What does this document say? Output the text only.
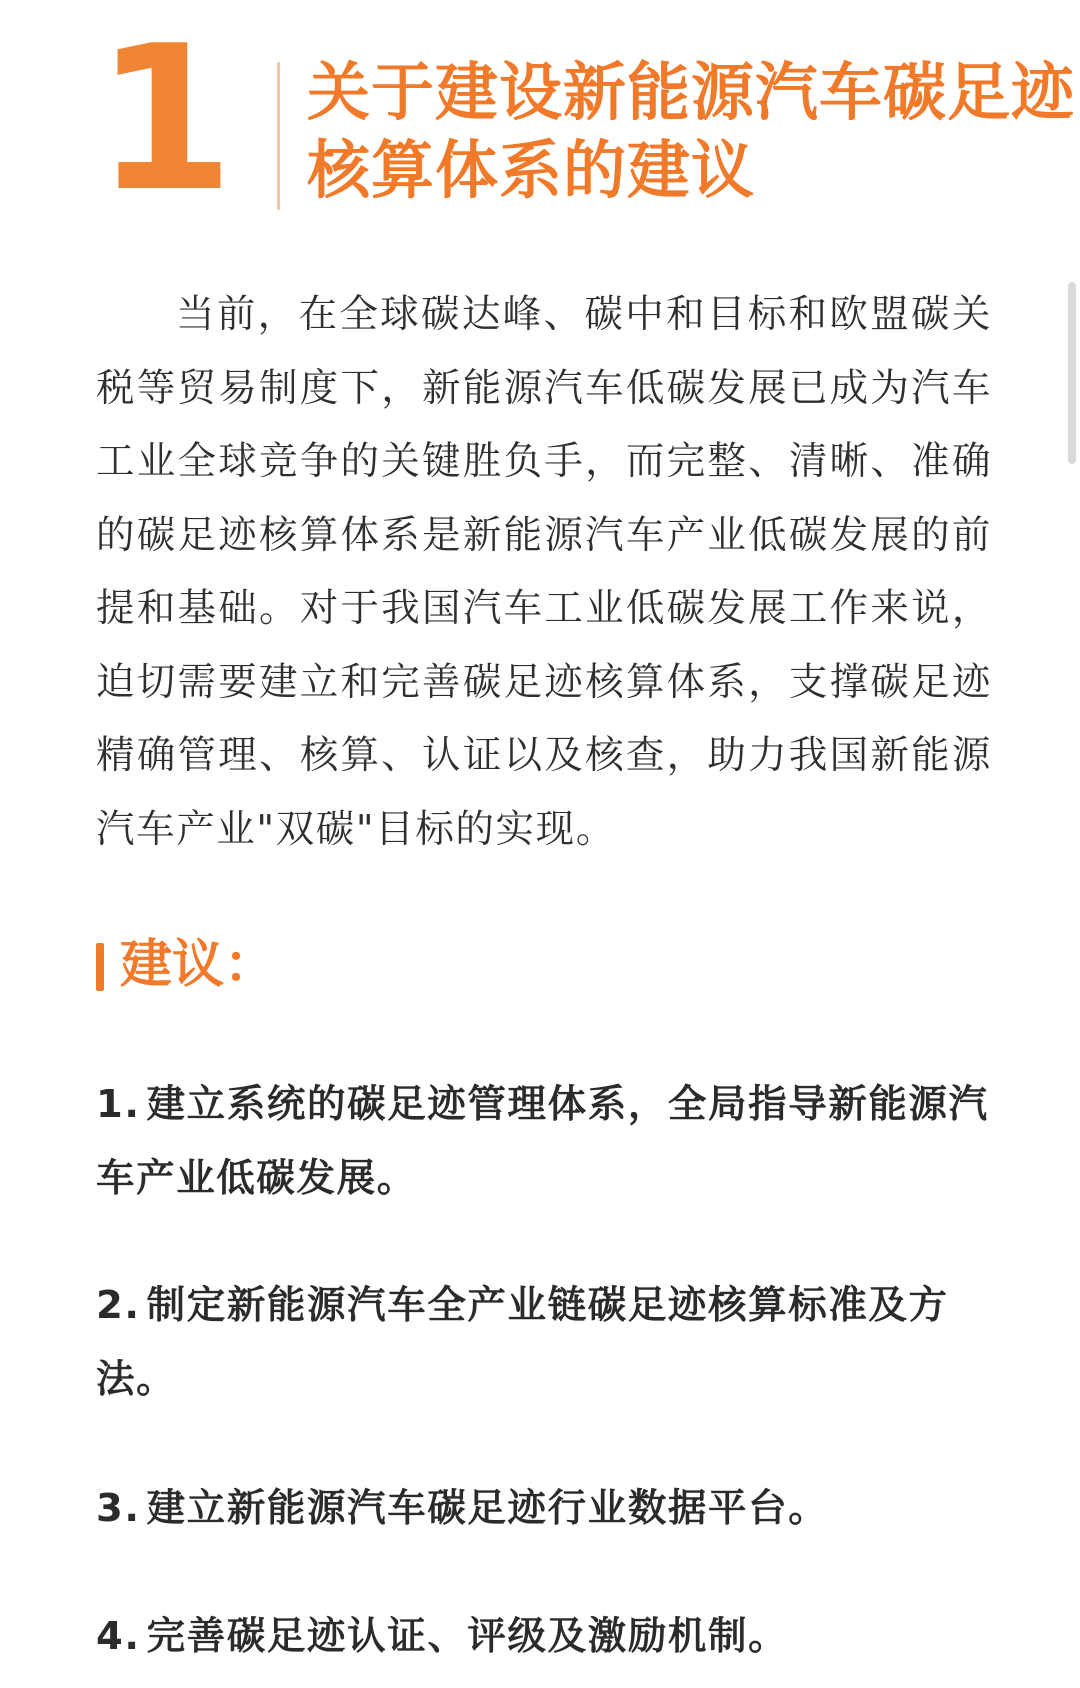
1 关于建设新能源汽车碳足迹
核算体系的建议

当前，在全球碳达峰、碳中和目标和欧盟碳关税等贸易制度下，新能源汽车低碳发展已成为汽车工业全球竞争的关键胜负手，而完整、清晰、准确的碳足迹核算体系是新能源汽车产业低碳发展的前提和基础。对于我国汽车工业低碳发展工作来说，迫切需要建立和完善碳足迹核算体系，支撑碳足迹精确管理、核算、认证以及核查，助力我国新能源汽车产业"双碳"目标的实现。

建议：

1. 建立系统的碳足迹管理体系，全局指导新能源汽车产业低碳发展。

2. 制定新能源汽车全产业链碳足迹核算标准及方法。

3. 建立新能源汽车碳足迹行业数据平台。

4. 完善碳足迹认证、评级及激励机制。
